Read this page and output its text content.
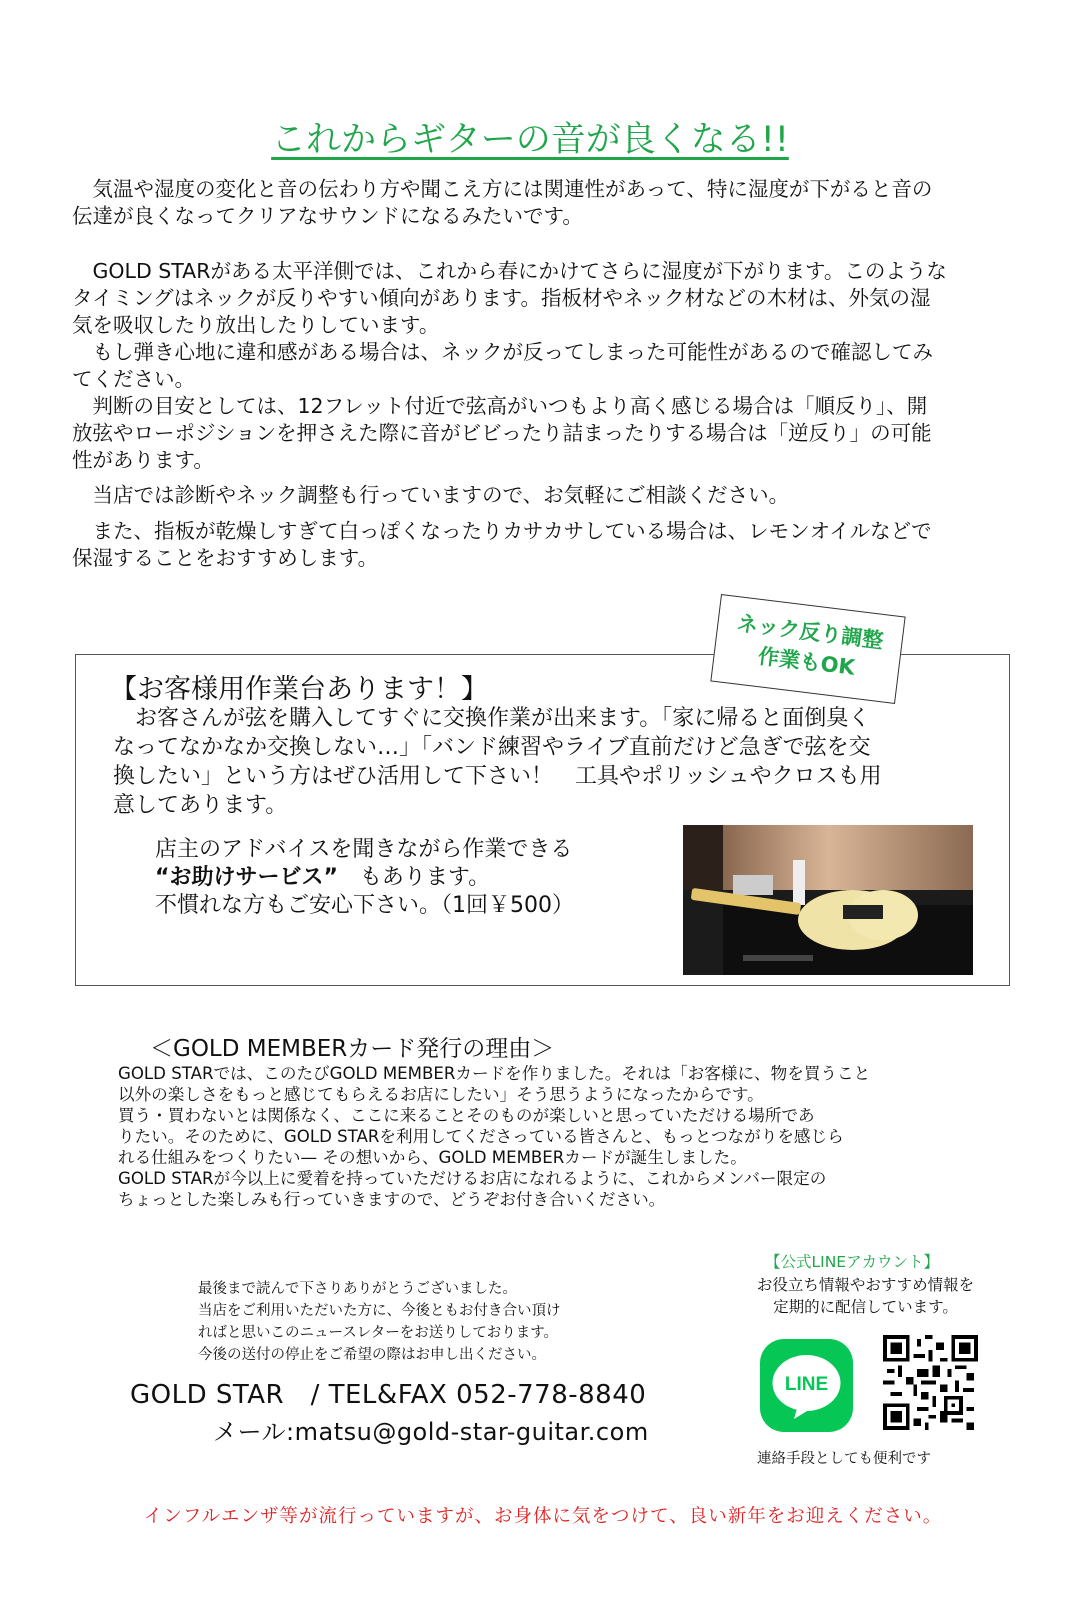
これからギターの音が良くなる!!
　気温や湿度の変化と音の伝わり方や聞こえ方には関連性があって、特に湿度が下がると音の
伝達が良くなってクリアなサウンドになるみたいです。
　GOLD STARがある太平洋側では、これから春にかけてさらに湿度が下がります。このような
タイミングはネックが反りやすい傾向があります。指板材やネック材などの木材は、外気の湿
気を吸収したり放出したりしています。
　もし弾き心地に違和感がある場合は、ネックが反ってしまった可能性があるので確認してみ
てください。
　判断の目安としては、12フレット付近で弦高がいつもより高く感じる場合は「順反り」、開
放弦やローポジションを押さえた際に音がビビったり詰まったりする場合は「逆反り」の可能
性があります。
　当店では診断やネック調整も行っていますので、お気軽にご相談ください。
　また、指板が乾燥しすぎて白っぽくなったりカサカサしている場合は、レモンオイルなどで
保湿することをおすすめします。
【お客様用作業台あります！】
　お客さんが弦を購入してすぐに交換作業が出来ます。「家に帰ると面倒臭く
なってなかなか交換しない…」「バンド練習やライブ直前だけど急ぎで弦を交
換したい」という方はぜひ活用して下さい！　工具やポリッシュやクロスも用
意してあります。
店主のアドバイスを聞きながら作業できる
“お助けサービス”　もあります。
不慣れな方もご安心下さい。（1回￥500）
ネック反り調整
作業もOK
＜GOLD MEMBERカード発行の理由＞
GOLD STARでは、このたびGOLD MEMBERカードを作りました。それは「お客様に、物を買うこと
以外の楽しさをもっと感じてもらえるお店にしたい」そう思うようになったからです。
買う・買わないとは関係なく、ここに来ることそのものが楽しいと思っていただける場所であ
りたい。そのために、GOLD STARを利用してくださっている皆さんと、もっとつながりを感じら
れる仕組みをつくりたい— その想いから、GOLD MEMBERカードが誕生しました。
GOLD STARが今以上に愛着を持っていただけるお店になれるように、これからメンバー限定の
ちょっとした楽しみも行っていきますので、どうぞお付き合いください。
最後まで読んで下さりありがとうございました。
当店をご利用いただいた方に、今後ともお付き合い頂け
ればと思いこのニュースレターをお送りしております。
今後の送付の停止をご希望の際はお申し出ください。
GOLD STAR　/ TEL&FAX 052-778-8840
メール:matsu@gold-star-guitar.com
【公式LINEアカウント】
お役立ち情報やおすすめ情報を
定期的に配信しています。
LINE
連絡手段としても便利です
インフルエンザ等が流行っていますが、お身体に気をつけて、良い新年をお迎えください。
